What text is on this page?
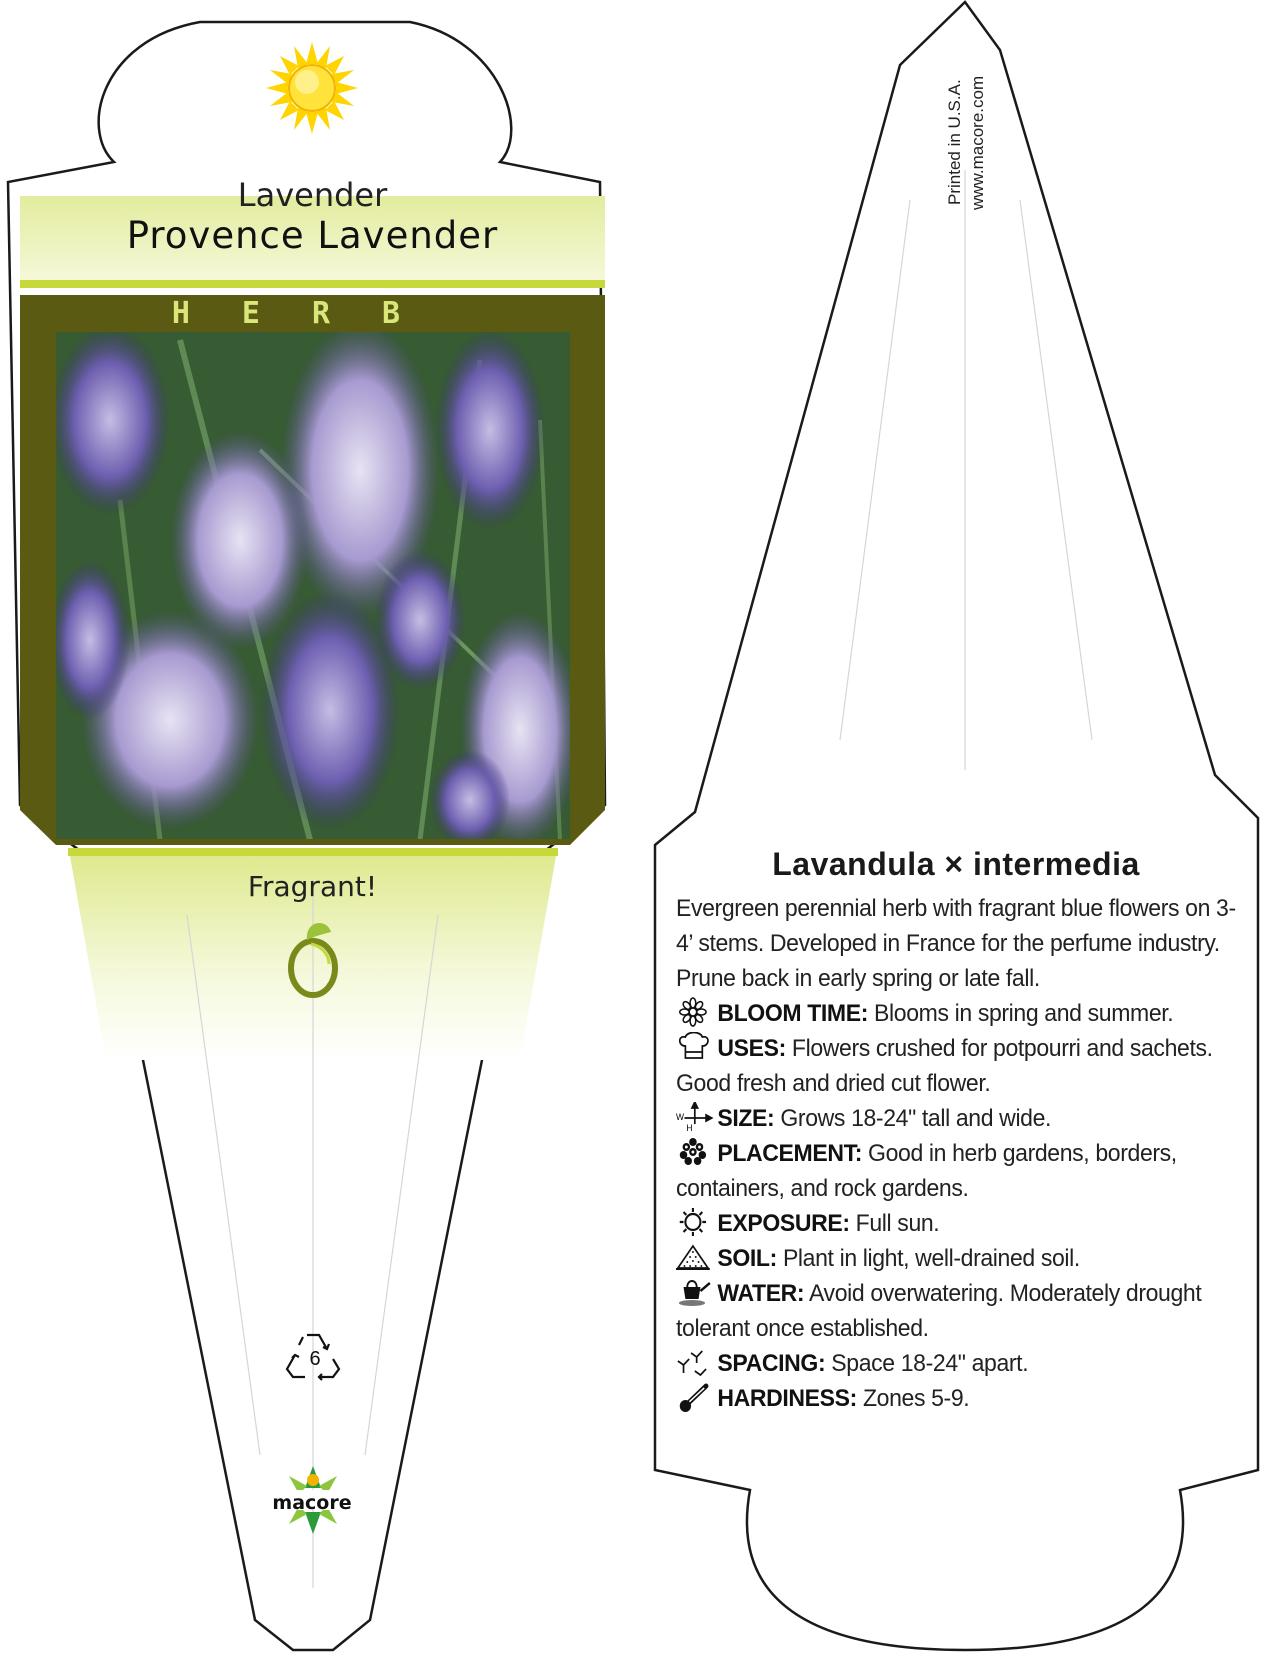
Lavender
Provence Lavender
HERB
Fragrant!
6
macore
Printed in U.S.A. www.macore.com
Lavandula × intermedia
Evergreen perennial herb with fragrant blue flowers on 3-4’ stems. Developed in France for the perfume industry. Prune back in early spring or late fall.
BLOOM TIME: Blooms in spring and summer.
USES: Flowers crushed for potpourri and sachets. Good fresh and dried cut flower.
W
H SIZE: Grows 18-24" tall and wide.
PLACEMENT: Good in herb gardens, borders, containers, and rock gardens.
EXPOSURE: Full sun.
SOIL: Plant in light, well-drained soil.
WATER: Avoid overwatering. Moderately drought tolerant once established.
SPACING: Space 18-24" apart.
HARDINESS: Zones 5-9.
